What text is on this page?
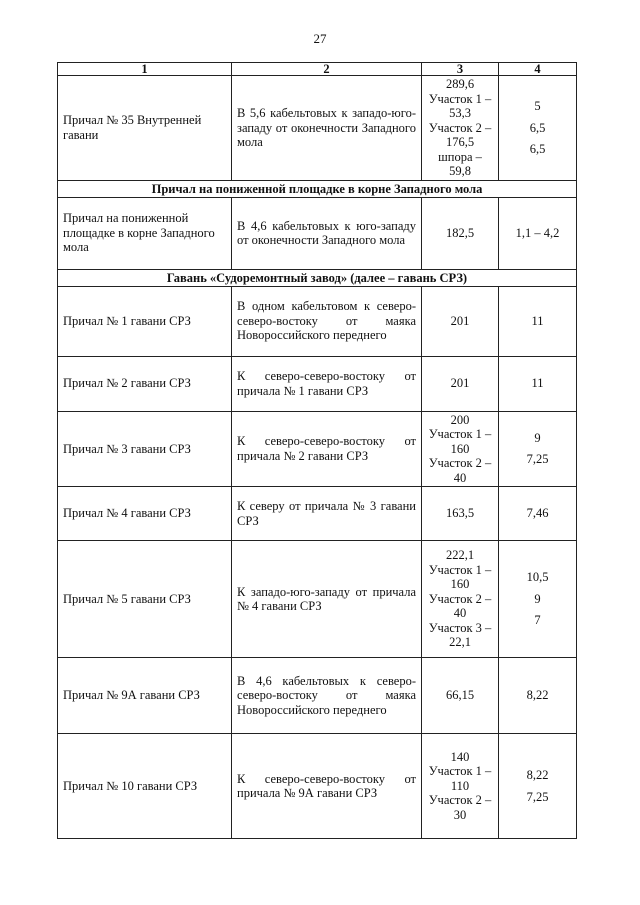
27
1	2	3	4
Причал № 35 Внутренней гавани	В 5,6 кабельтовых к западо-юго-западу от оконечности Западного мола	289,6
Участок 1 – 53,3
Участок 2 – 176,5
шпора – 59,8	5
6,5
6,5

Причал на пониженной площадке в корне Западного мола			
Причал на пониженной площадке в корне Западного мола	В 4,6 кабельтовых к юго-западу от оконечности Западного мола	182,5	1,1 – 4,2

Гавань «Судоремонтный завод» (далее – гавань СРЗ)			
Причал № 1 гавани СРЗ	В одном кабельтовом к северо-северо-востоку от маяка Новороссийского переднего	201	11

Причал № 2 гавани СРЗ	К северо-северо-востоку от причала № 1 гавани СРЗ	201	11

Причал № 3 гавани СРЗ	К северо-северо-востоку от причала № 2 гавани СРЗ	200
Участок 1 – 160
Участок 2 – 40	9
7,25

Причал № 4 гавани СРЗ	К северу от причала № 3 гавани СРЗ	163,5	7,46

Причал № 5 гавани СРЗ	К западо-юго-западу от причала № 4 гавани СРЗ	222,1
Участок 1 – 160
Участок 2 – 40
Участок 3 – 22,1	10,5
9
7

Причал № 9А гавани СРЗ	В 4,6 кабельтовых к северо-северо-востоку от маяка Новороссийского переднего	66,15	8,22

Причал № 10 гавани СРЗ	К северо-северо-востоку от причала № 9А гавани СРЗ	140
Участок 1 – 110
Участок 2 – 30	8,22
7,25
